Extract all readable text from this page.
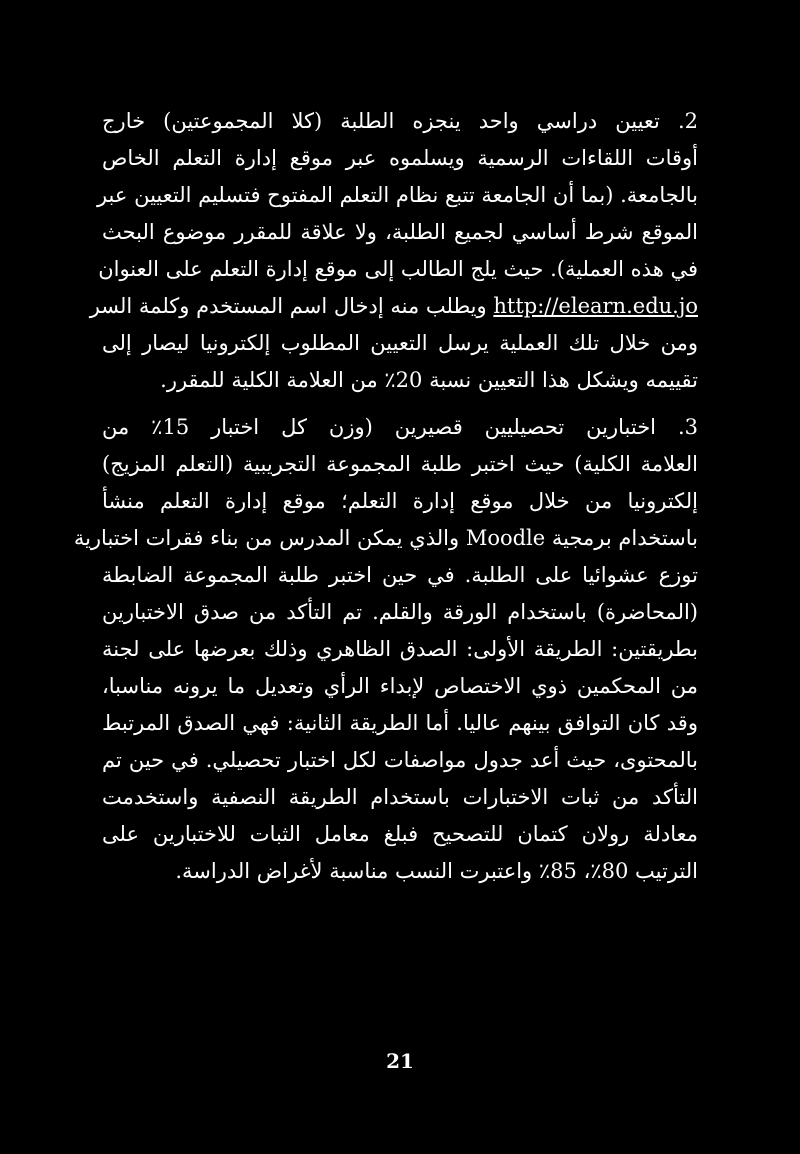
2. تعيين دراسي واحد ينجزه الطلبة (كلا المجموعتين) خارج
أوقات اللقاءات الرسمية ويسلموه عبر موقع إدارة التعلم الخاص
بالجامعة. (بما أن الجامعة تتبع نظام التعلم المفتوح فتسليم التعيين عبر
الموقع شرط أساسي لجميع الطلبة، ولا علاقة للمقرر موضوع البحث
في هذه العملية). حيث يلج الطالب إلى موقع إدارة التعلم على العنوان
http://elearn.edu.jo ويطلب منه إدخال اسم المستخدم وكلمة السر
ومن خلال تلك العملية يرسل التعيين المطلوب إلكترونيا ليصار إلى
تقييمه ويشكل هذا التعيين نسبة 20٪ من العلامة الكلية للمقرر.
3. اختبارين تحصيليين قصيرين (وزن كل اختبار 15٪ من
العلامة الكلية) حيث اختبر طلبة المجموعة التجريبية (التعلم المزيج)
إلكترونيا من خلال موقع إدارة التعلم؛ موقع إدارة التعلم منشأ
باستخدام برمجية Moodle والذي يمكن المدرس من بناء فقرات اختبارية
توزع عشوائيا على الطلبة. في حين اختبر طلبة المجموعة الضابطة
(المحاضرة) باستخدام الورقة والقلم. تم التأكد من صدق الاختبارين
بطريقتين: الطريقة الأولى: الصدق الظاهري وذلك بعرضها على لجنة
من المحكمين ذوي الاختصاص لإبداء الرأي وتعديل ما يرونه مناسبا،
وقد كان التوافق بينهم عاليا. أما الطريقة الثانية: فهي الصدق المرتبط
بالمحتوى، حيث أعد جدول مواصفات لكل اختبار تحصيلي. في حين تم
التأكد من ثبات الاختبارات باستخدام الطريقة النصفية واستخدمت
معادلة رولان كتمان للتصحيح فبلغ معامل الثبات للاختبارين على
الترتيب 80٪، 85٪ واعتبرت النسب مناسبة لأغراض الدراسة.
21
